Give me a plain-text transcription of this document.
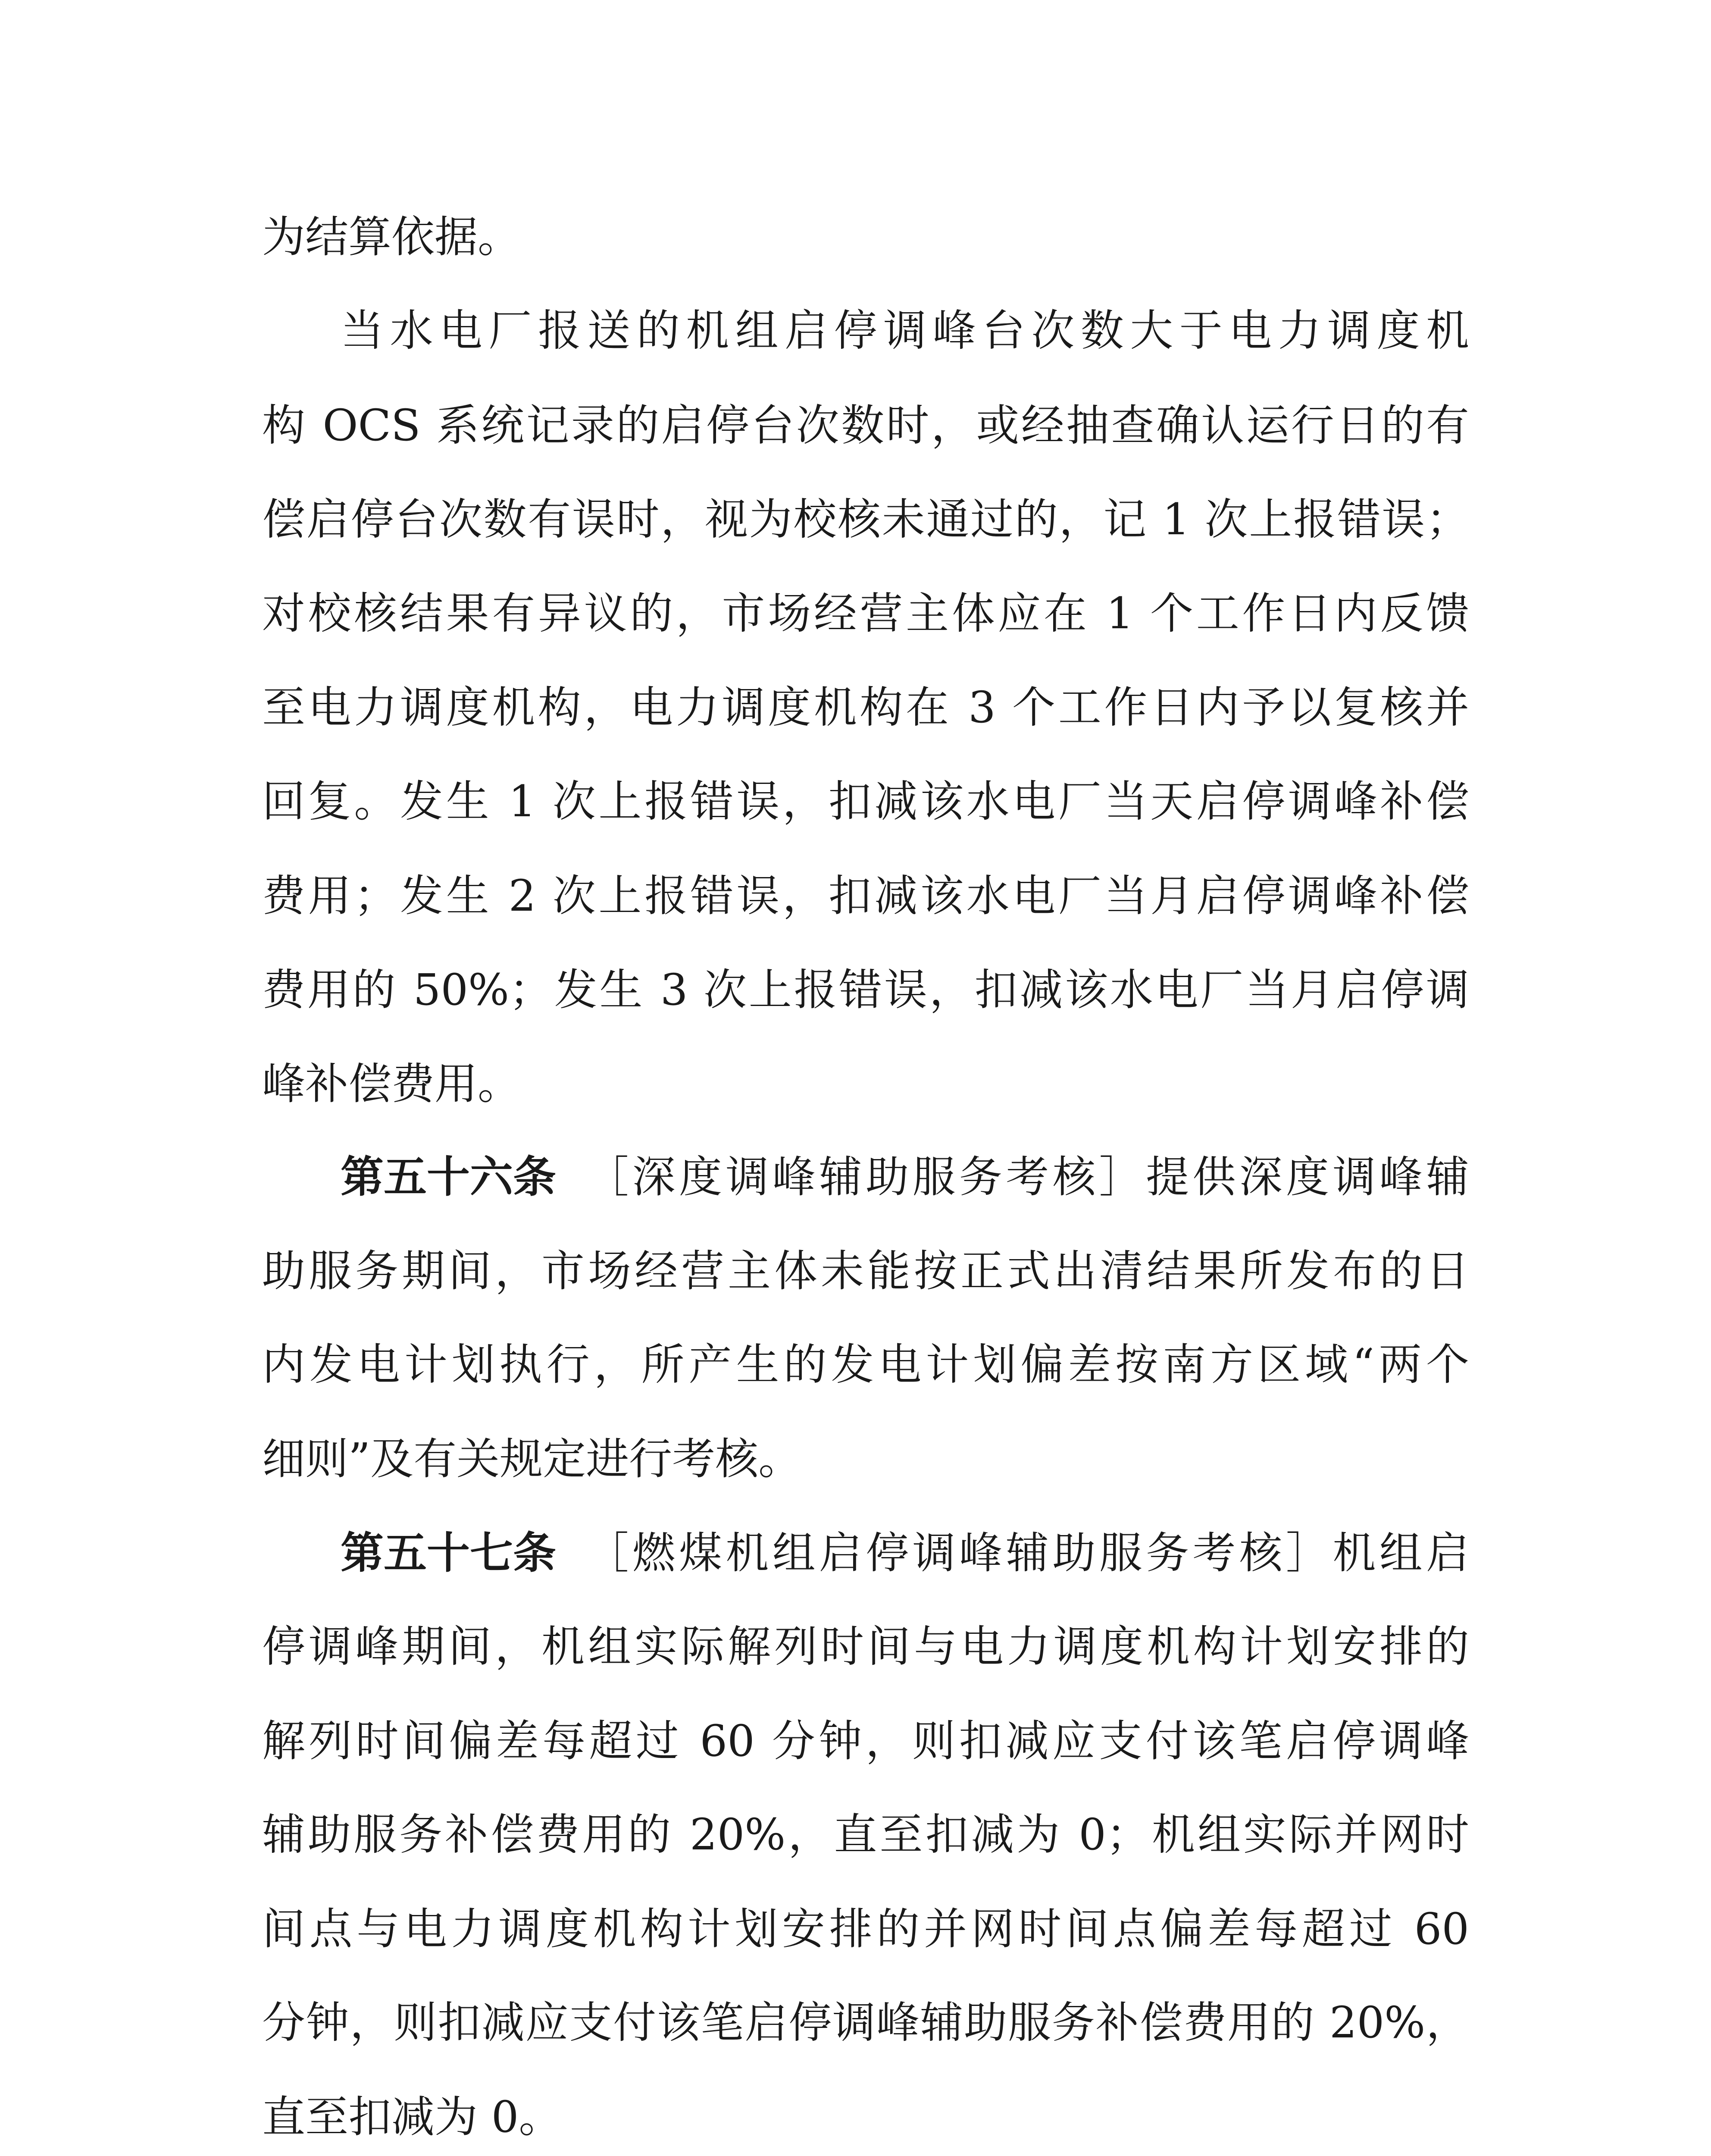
为结算依据。
当水电厂报送的机组启停调峰台次数大于电力调度机
构 OCS 系统记录的启停台次数时，或经抽查确认运行日的有
偿启停台次数有误时，视为校核未通过的，记 1 次上报错误；
对校核结果有异议的，市场经营主体应在 1 个工作日内反馈
至电力调度机构，电力调度机构在 3 个工作日内予以复核并
回复。发生 1 次上报错误，扣减该水电厂当天启停调峰补偿
费用；发生 2 次上报错误，扣减该水电厂当月启停调峰补偿
费用的 50%；发生 3 次上报错误，扣减该水电厂当月启停调
峰补偿费用。
第五十六条 ［深度调峰辅助服务考核］提供深度调峰辅
助服务期间，市场经营主体未能按正式出清结果所发布的日
内发电计划执行，所产生的发电计划偏差按南方区域“两个
细则”及有关规定进行考核。
第五十七条 ［燃煤机组启停调峰辅助服务考核］机组启
停调峰期间，机组实际解列时间与电力调度机构计划安排的
解列时间偏差每超过 60 分钟，则扣减应支付该笔启停调峰
辅助服务补偿费用的 20%，直至扣减为 0；机组实际并网时
间点与电力调度机构计划安排的并网时间点偏差每超过 60
分钟，则扣减应支付该笔启停调峰辅助服务补偿费用的 20%，
直至扣减为 0。
